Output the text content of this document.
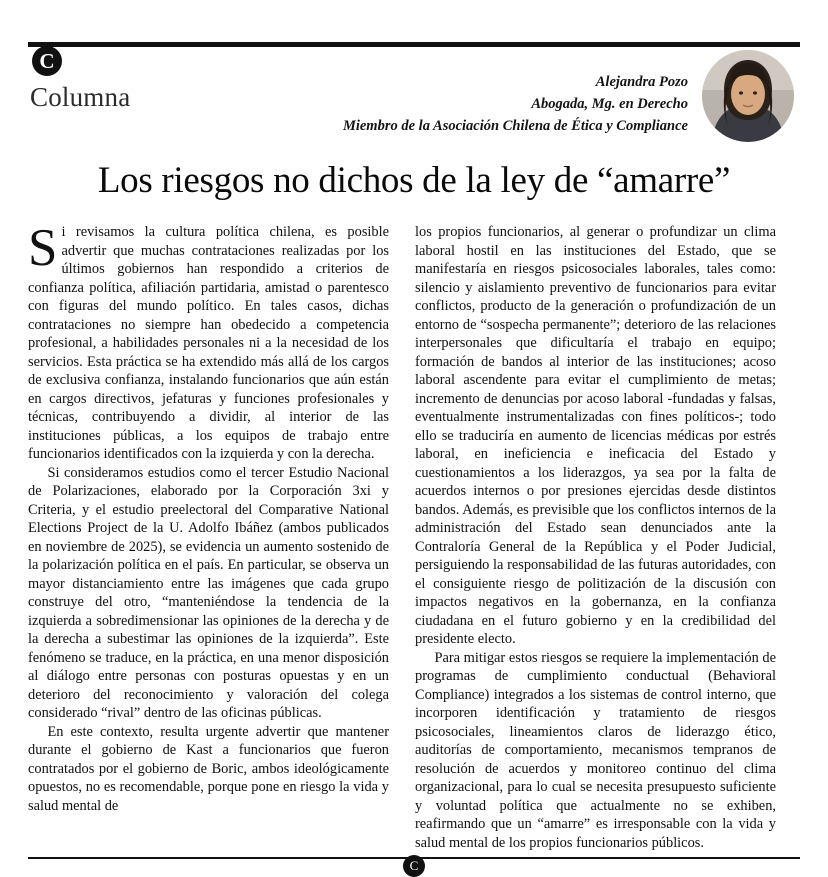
C
Columna	Alejandra Pozo
Abogada, Mg. en Derecho
Miembro de la Asociación Chilena de Ética y Compliance
Los riesgos no dichos de la ley de “amarre”

Si revisamos la cultura política chilena, es posible advertir que muchas contrataciones realizadas por los últimos gobiernos han respondido a criterios de confianza política, afiliación partidaria, amistad o parentesco con figuras del mundo político. En tales casos, dichas contrataciones no siempre han obedecido a competencia profesional, a habilidades personales ni a la necesidad de los servicios. Esta práctica se ha extendido más allá de los cargos de exclusiva confianza, instalando funcionarios que aún están en cargos directivos, jefaturas y funciones profesionales y técnicas, contribuyendo a dividir, al interior de las instituciones públicas, a los equipos de trabajo entre funcionarios identificados con la izquierda y con la derecha.

Si consideramos estudios como el tercer Estudio Nacional de Polarizaciones, elaborado por la Corporación 3xi y Criteria, y el estudio preelectoral del Comparative National Elections Project de la U. Adolfo Ibáñez (ambos publicados en noviembre de 2025), se evidencia un aumento sostenido de la polarización política en el país. En particular, se observa un mayor distanciamiento entre las imágenes que cada grupo construye del otro, “manteniéndose la tendencia de la izquierda a sobredimensionar las opiniones de la derecha y de la derecha a subestimar las opiniones de la izquierda”. Este fenómeno se traduce, en la práctica, en una menor disposición al diálogo entre personas con posturas opuestas y en un deterioro del reconocimiento y valoración del colega considerado “rival” dentro de las oficinas públicas.

En este contexto, resulta urgente advertir que mantener durante el gobierno de Kast a funcionarios que fueron contratados por el gobierno de Boric, ambos ideológicamente opuestos, no es recomendable, porque pone en riesgo la vida y salud mental de

los propios funcionarios, al generar o profundizar un clima laboral hostil en las instituciones del Estado, que se manifestaría en riesgos psicosociales laborales, tales como: silencio y aislamiento preventivo de funcionarios para evitar conflictos, producto de la generación o profundización de un entorno de “sospecha permanente”; deterioro de las relaciones interpersonales que dificultaría el trabajo en equipo; formación de bandos al interior de las instituciones; acoso laboral ascendente para evitar el cumplimiento de metas; incremento de denuncias por acoso laboral -fundadas y falsas, eventualmente instrumentalizadas con fines políticos-; todo ello se traduciría en aumento de licencias médicas por estrés laboral, en ineficiencia e ineficacia del Estado y cuestionamientos a los liderazgos, ya sea por la falta de acuerdos internos o por presiones ejercidas desde distintos bandos. Además, es previsible que los conflictos internos de la administración del Estado sean denunciados ante la Contraloría General de la República y el Poder Judicial, persiguiendo la responsabilidad de las futuras autoridades, con el consiguiente riesgo de politización de la discusión con impactos negativos en la gobernanza, en la confianza ciudadana en el futuro gobierno y en la credibilidad del presidente electo.

Para mitigar estos riesgos se requiere la implementación de programas de cumplimiento conductual (Behavioral Compliance) integrados a los sistemas de control interno, que incorporen identificación y tratamiento de riesgos psicosociales, lineamientos claros de liderazgo ético, auditorías de comportamiento, mecanismos tempranos de resolución de acuerdos y monitoreo continuo del clima organizacional, para lo cual se necesita presupuesto suficiente y voluntad política que actualmente no se exhiben, reafirmando que un “amarre” es irresponsable con la vida y salud mental de los propios funcionarios públicos.

C
